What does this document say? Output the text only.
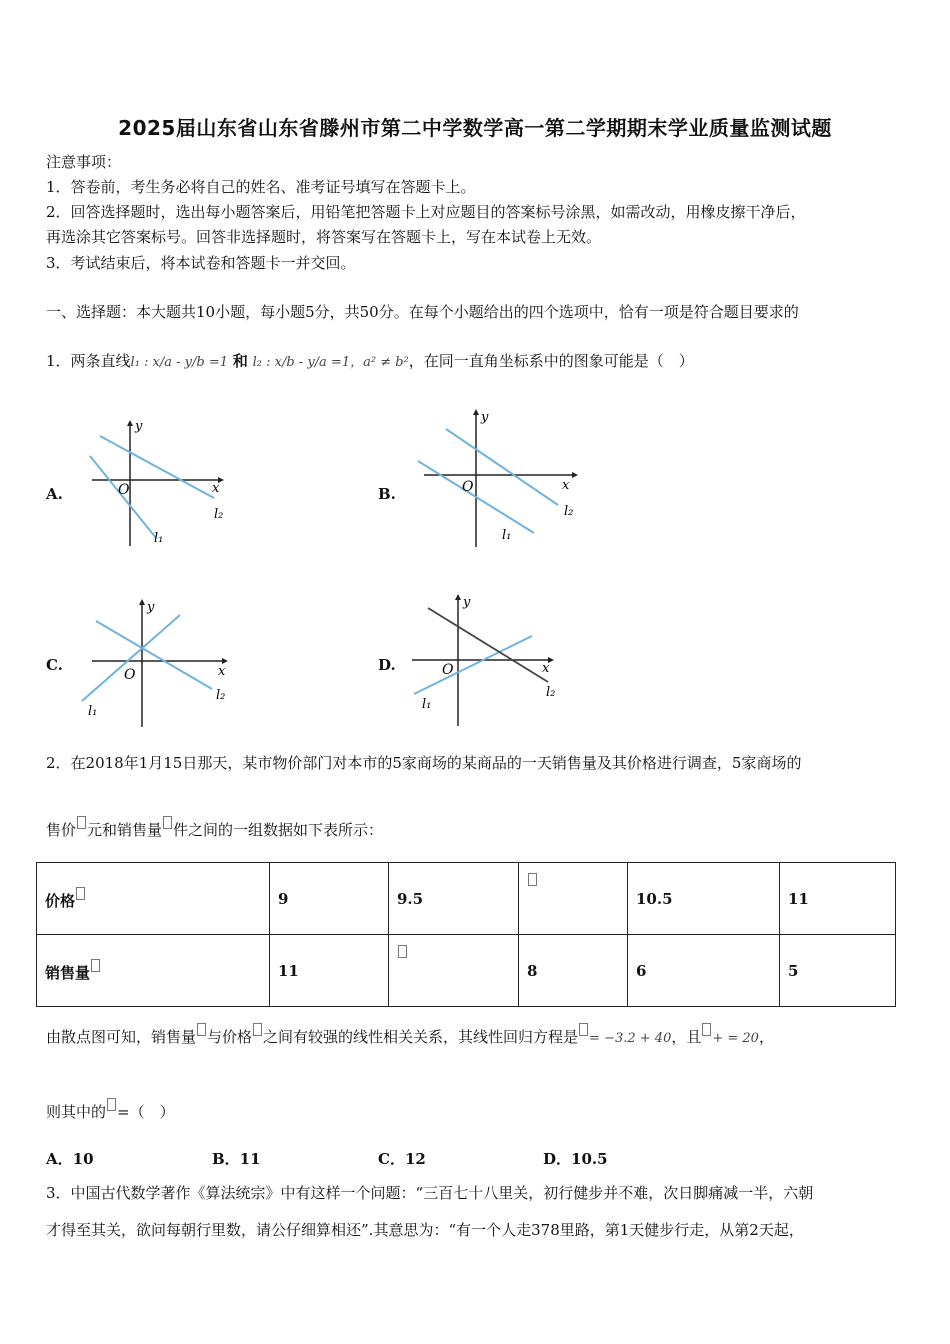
2025届山东省山东省滕州市第二中学数学高一第二学期期末学业质量监测试题
注意事项：
1．答卷前，考生务必将自己的姓名、准考证号填写在答题卡上。
2．回答选择题时，选出每小题答案后，用铅笔把答题卡上对应题目的答案标号涂黑，如需改动，用橡皮擦干净后，
再选涂其它答案标号。回答非选择题时，将答案写在答题卡上，写在本试卷上无效。
3．考试结束后，将本试卷和答题卡一并交回。
一、选择题：本大题共10小题，每小题5分，共50分。在每个小题给出的四个选项中，恰有一项是符合题目要求的
1．两条直线l₁ : x/a - y/b =1 和 l₂ : x/b - y/a =1，a² ≠ b²，在同一直角坐标系中的图象可能是（　）
A.	B.
C.	D.
y
x
O
l₁
l₂
y
x
O
l₁
l₂
y
x
O
l₁
l₂
y
x
O
l₁
l₂
2．在2018年1月15日那天，某市物价部门对本市的5家商场的某商品的一天销售量及其价格进行调查，5家商场的
售价 元和销售量 件之间的一组数据如下表所示：
价格	9	9.5		10.5	11
销售量	11		8	6	5
由散点图可知，销售量 与价格 之间有较强的线性相关关系，其线性回归方程是 = −3.2 + 40，且 + = 20，
则其中的 =（　）
A．10	B．11	C．12	D．10.5
3．中国古代数学著作《算法统宗》中有这样一个问题：“三百七十八里关，初行健步并不难，次日脚痛减一半，六朝
才得至其关，欲问每朝行里数，请公仔细算相还”.其意思为：“有一个人走378里路，第1天健步行走，从第2天起，
